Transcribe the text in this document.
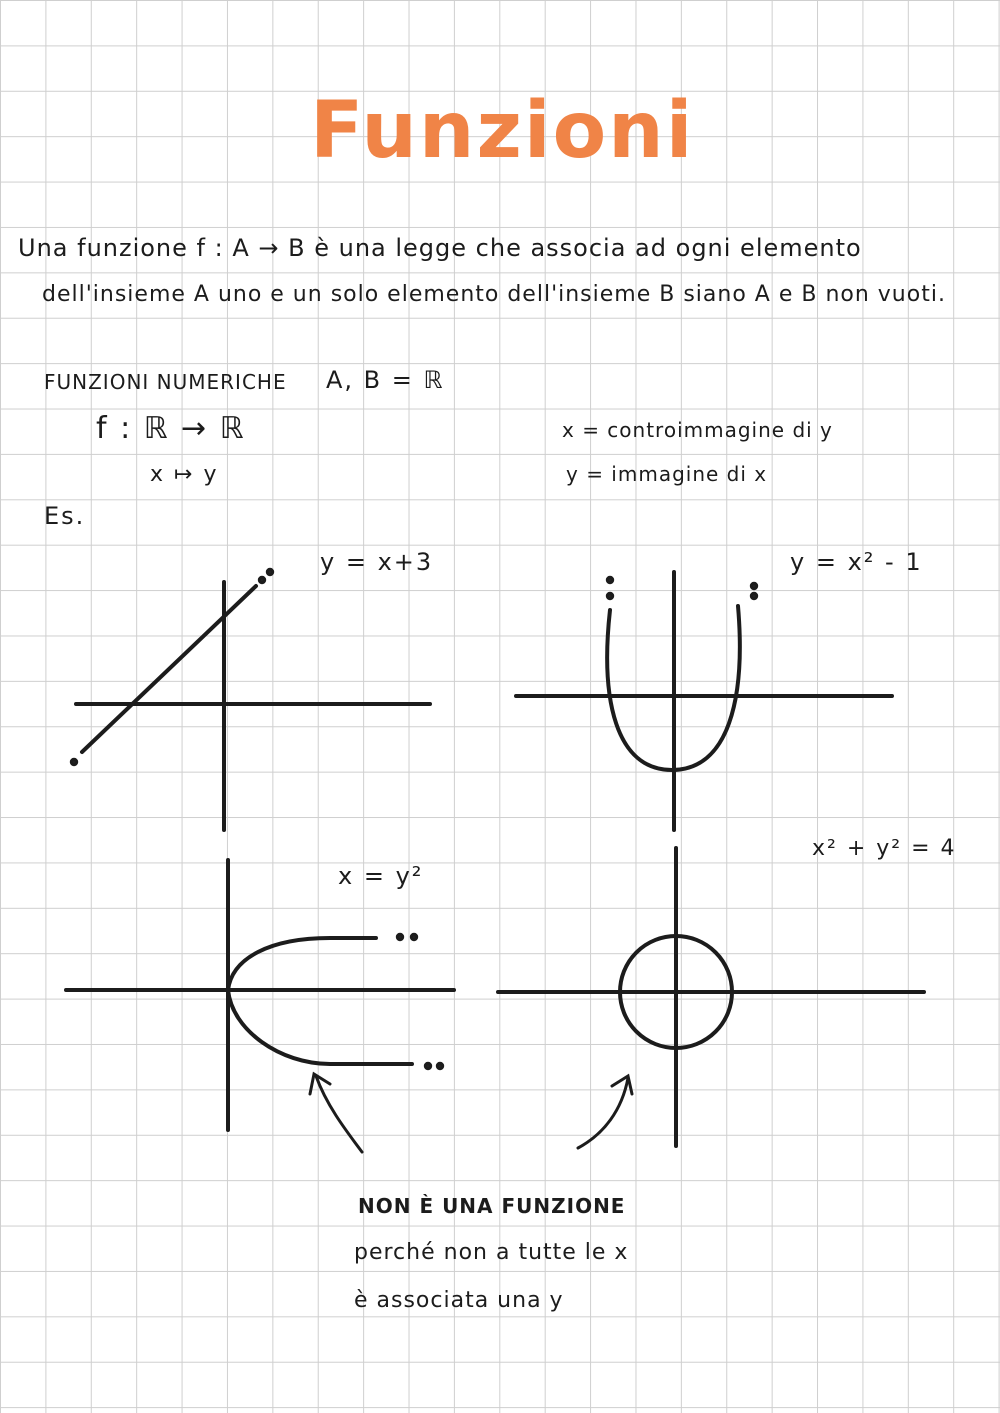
Funzioni
Una funzione f : A → B è una legge che associa ad ogni elemento
dell'insieme A uno e un solo elemento dell'insieme B siano A e B non vuoti.
FUNZIONI NUMERICHE A, B = ℝ
f : ℝ → ℝ
x ↦ y
x = controimmagine di y
y = immagine di x
Es.
y = x+3	y = x² - 1
x = y²
x² + y² = 4
NON È UNA FUNZIONE
perché non a tutte le x
è associata una y
